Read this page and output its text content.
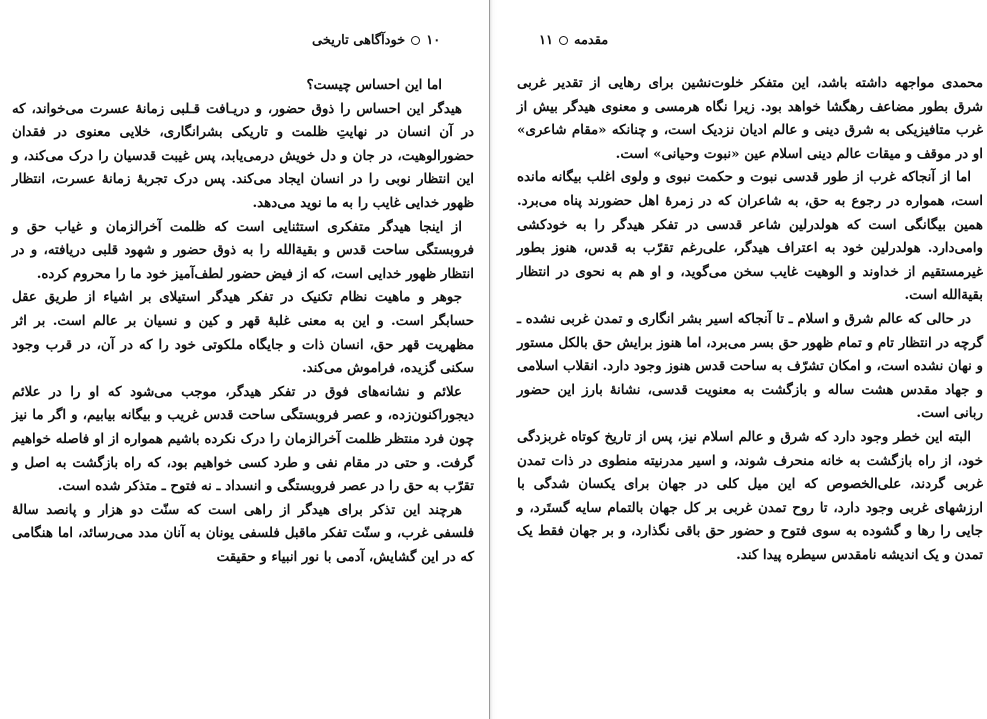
۱۰
خودآگاهی تاریخی

اما این احساس چیست؟

هیدگر این احساس را ذوق حضور، و دریـافت قـلبی زمانهٔ عسرت می‌خواند، که در آن انسان در نهایتِ ظلمت و تاریکی بشرانگاری، خلایی معنوی در فقدان حضورالوهیت، در جان و دل خویش درمی‌یابد، پس غیبت قدسیان را درک می‌کند، و این انتظار نوبی را در انسان ایجاد می‌کند. پس درک تجربهٔ زمانهٔ عسرت، انتظار ظهور خدایی غایب را به ما نوید می‌دهد.

از اینجا هیدگر متفکری استثنایی است که ظلمت آخرالزمان و غیاب حق و فروبستگی ساحت قدس و بقیةالله را به ذوق حضور و شهود قلبی دریافته، و در انتظار ظهور خدایی است، که از فیض حضور لطف‌آمیز خود ما را محروم کرده.

جوهر و ماهیت نظام تکنیک در تفکر هیدگر استیلای بر اشیاء از طریق عقل حسابگر است. و این به معنی غلبهٔ قهر و کین و نسیان بر عالم است. بر اثر مظهریت قهر حق، انسان ذات و جایگاه ملکوتی خود را که در آن، در قرب وجود سکنی گزیده، فراموش می‌کند.

علائم و نشانه‌های فوق در تفکر هیدگر، موجب می‌شود که او را در علائم دیجوراکنون‌زده، و عصر فروبستگی ساحت قدس غریب و بیگانه بیابیم، و اگر ما نیز چون فرد منتظر ظلمت آخرالزمان را درک نکرده باشیم همواره از او فاصله خواهیم گرفت. و حتی در مقام نفی و طرد کسی خواهیم بود، که راه بازگشت به اصل و تقرّب به حق را در عصر فروبستگی و انسداد ـ نه فتوح ـ متذکر شده است.

هرچند این تذکر برای هیدگر از راهی است که سنّت دو هزار و پانصد سالهٔ فلسفی غرب، و سنّت تفکر ماقبل فلسفی یونان به آنان مدد می‌رسائد، اما هنگامی که در این گشایش، آدمی با نور انبیاء و حقیقت

مقدمه
۱۱

محمدی مواجهه داشته باشد، این متفکر خلوت‌نشین برای رهایی از تقدیر غربی شرق بطور مضاعف رهگشا خواهد بود. زیرا نگاه هرمسی و معنوی هیدگر بیش از غرب متافیزیکی به شرق دینی و عالم ادیان نزدیک است، و چنانکه «مقام شاعری» او در موقف و میقات عالم دینی اسلام عین «نبوت وحیانی» است.

اما از آنجاکه غرب از طور قدسی نبوت و حکمت نبوی و ولوی اغلب بیگانه مانده است، همواره در رجوع به حق، به شاعران که در زمرهٔ اهل حضورند پناه می‌برد. همین بیگانگی است که هولدرلین شاعر قدسی در تفکر هیدگر را به خودکشی وامی‌دارد. هولدرلین خود به اعتراف هیدگر، علی‌رغم تقرّب به قدس، هنوز بطور غیرمستقیم از خداوند و الوهیت غایب سخن می‌گوید، و او هم به نحوی در انتظار بقیةالله است.

در حالی که عالم شرق و اسلام ـ تا آنجاکه اسیر بشر انگاری و تمدن غربی نشده ـ گرچه در انتظار تام و تمام ظهور حق بسر می‌برد، اما هنوز برایش حق بالکل مستور و نهان نشده است، و امکان تشرّف به ساحت قدس هنوز وجود دارد. انقلاب اسلامی و جهاد مقدس هشت ساله و بازگشت به معنویت قدسی، نشانهٔ بارز این حضور ربانی است.

البته این خطر وجود دارد که شرق و عالم اسلام نیز، پس از تاریخ کوتاه غربزدگی خود، از راه بازگشت به خانه منحرف شوند، و اسیر مدرنیته منطوی در ذات تمدن غربی گردند، علی‌الخصوص که این میل کلی در جهان برای یکسان شدگی با ارزشهای غربی وجود دارد، تا روح تمدن غربی بر کل جهان بالتمام سایه گستَرد، و جایی را رها و گشوده به سوی فتوح و حضور حق باقی نگذارد، و بر جهان فقط یک تمدن و یک اندیشه نامقدس سیطره پیدا کند.
